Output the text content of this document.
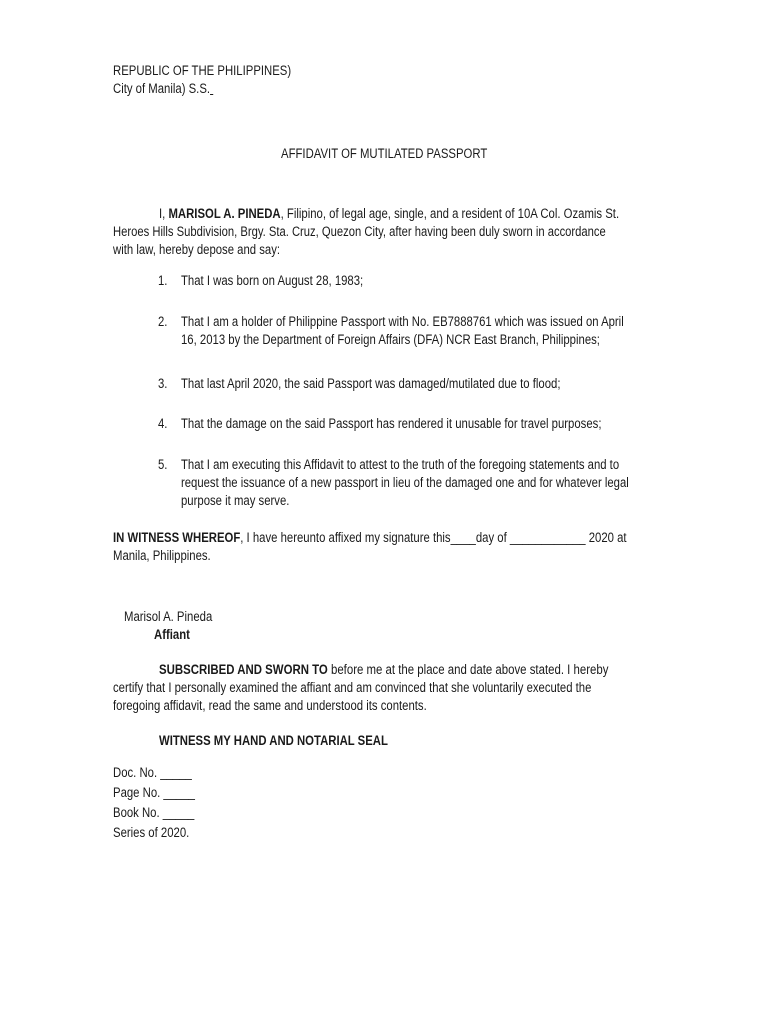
REPUBLIC OF THE PHILIPPINES)
City of Manila) S.S.
AFFIDAVIT OF MUTILATED PASSPORT
I, MARISOL A. PINEDA, Filipino, of legal age, single, and a resident of 10A Col. Ozamis St.
Heroes Hills Subdivision, Brgy. Sta. Cruz, Quezon City, after having been duly sworn in accordance
with law, hereby depose and say:
1. That I was born on August 28, 1983;
2. That I am a holder of Philippine Passport with No. EB7888761 which was issued on April
16, 2013 by the Department of Foreign Affairs (DFA) NCR East Branch, Philippines;
3. That last April 2020, the said Passport was damaged/mutilated due to flood;
4. That the damage on the said Passport has rendered it unusable for travel purposes;
5. That I am executing this Affidavit to attest to the truth of the foregoing statements and to
request the issuance of a new passport in lieu of the damaged one and for whatever legal
purpose it may serve.
IN WITNESS WHEREOF, I have hereunto affixed my signature this____day of ____________ 2020 at
Manila, Philippines.
Marisol A. Pineda
Affiant
SUBSCRIBED AND SWORN TO before me at the place and date above stated. I hereby
certify that I personally examined the affiant and am convinced that she voluntarily executed the
foregoing affidavit, read the same and understood its contents.
WITNESS MY HAND AND NOTARIAL SEAL
Doc. No. _____
Page No. _____
Book No. _____
Series of 2020.
